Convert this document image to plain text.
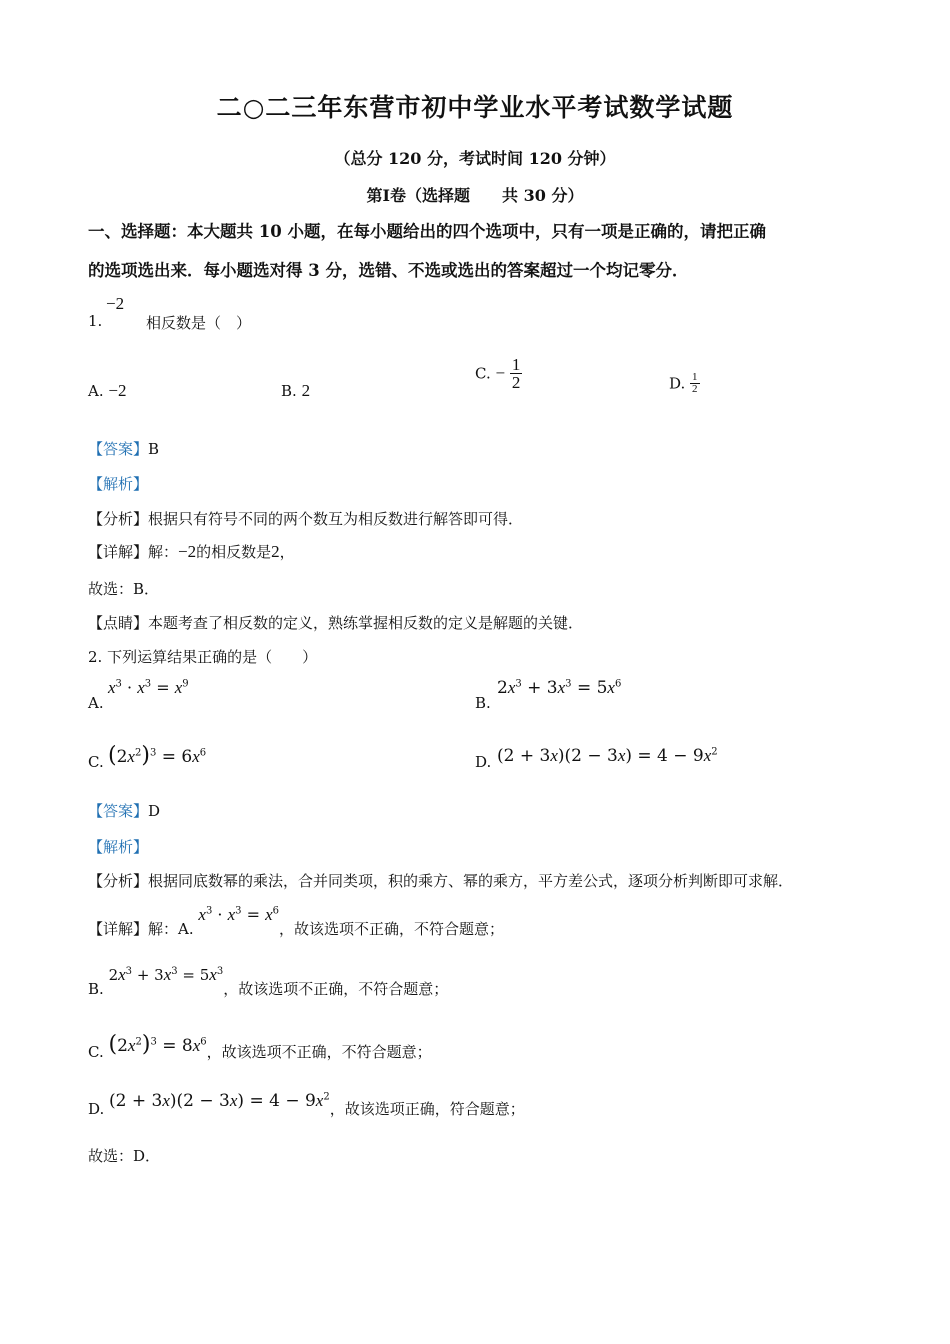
二○二三年东营市初中学业水平考试数学试题
（总分 120 分，考试时间 120 分钟）
第Ⅰ卷（选择题　　共 30 分）
一、选择题：本大题共 10 小题，在每小题给出的四个选项中，只有一项是正确的，请把正确
的选项选出来．每小题选对得 3 分，选错、不选或选出的答案超过一个均记零分．
1.
−2
相反数是（　）
A. −2	B. 2
C. − $\frac{1}{2}$	D. $\frac{1}{2}$
【答案】B
【解析】
【分析】根据只有符号不同的两个数互为相反数进行解答即可得．
【详解】解：−2的相反数是2，
故选：B．
【点睛】本题考查了相反数的定义，熟练掌握相反数的定义是解题的关键．
2. 下列运算结果正确的是（　　）
A.
$x^3 \cdot x^3 = x^9$
B.
$2x^3 + 3x^3 = 5x^6$
C. $(2x^2)^3 = 6x^6$
D. $(2 + 3x)(2 - 3x) = 4 - 9x^2$
【答案】D
【解析】
【分析】根据同底数幂的乘法，合并同类项，积的乘方、幂的乘方，平方差公式，逐项分析判断即可求解．
【详解】解：A. $x^3 \cdot x^3 = x^6$，故该选项不正确，不符合题意；
B. $2x^3 + 3x^3 = 5x^3$，故该选项不正确，不符合题意；
C. $(2x^2)^3 = 8x^6$，故该选项不正确，不符合题意；
D. $(2 + 3x)(2 - 3x) = 4 - 9x^2$，故该选项正确，符合题意；
故选：D．
